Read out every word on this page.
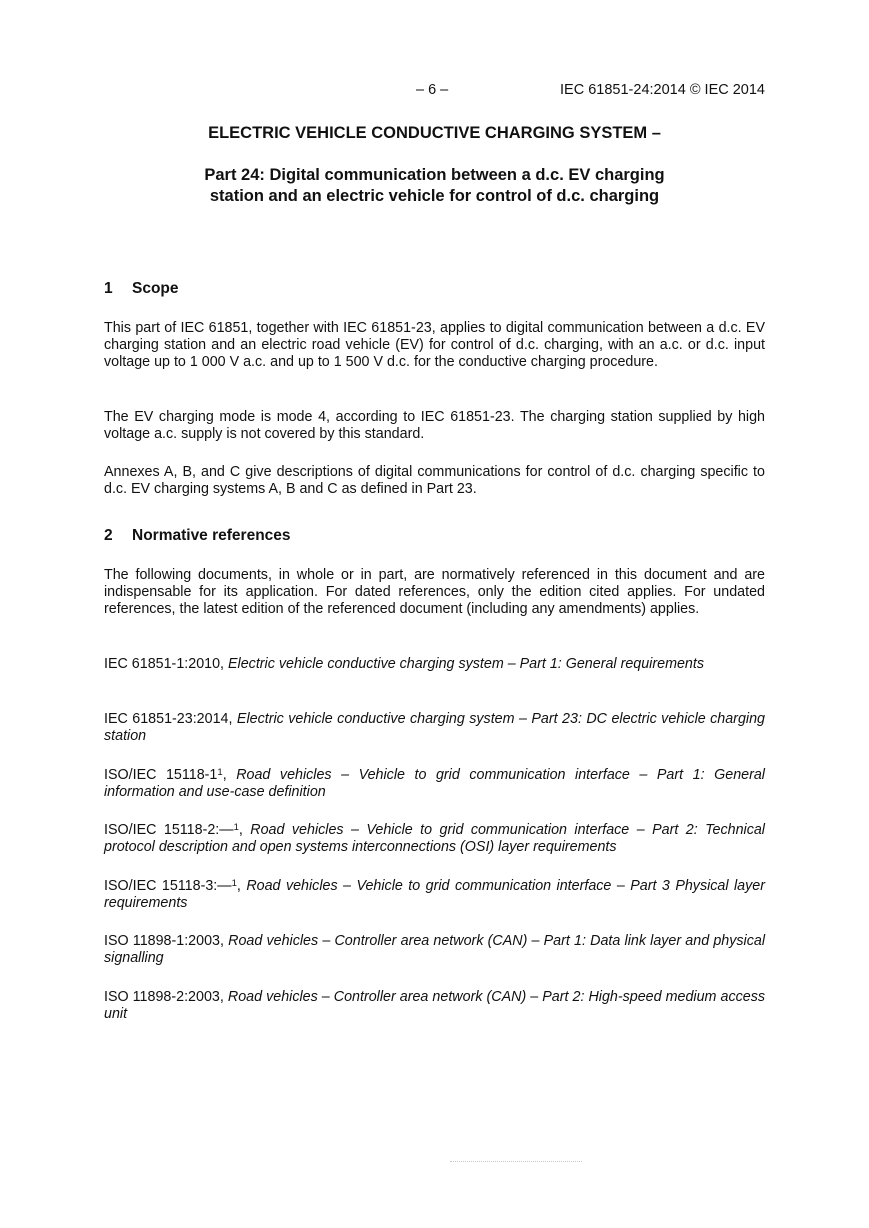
– 6 –	IEC 61851-24:2014 © IEC 2014
ELECTRIC VEHICLE CONDUCTIVE CHARGING SYSTEM –
Part 24: Digital communication between a d.c. EV charging
station and an electric vehicle for control of d.c. charging
1 Scope
This part of IEC 61851, together with IEC 61851-23, applies to digital communication between a d.c. EV charging station and an electric road vehicle (EV) for control of d.c. charging, with an a.c. or d.c. input voltage up to 1 000 V a.c. and up to 1 500 V d.c. for the conductive charging procedure.
The EV charging mode is mode 4, according to IEC 61851-23. The charging station supplied by high voltage a.c. supply is not covered by this standard.
Annexes A, B, and C give descriptions of digital communications for control of d.c. charging specific to d.c. EV charging systems A, B and C as defined in Part 23.
2 Normative references
The following documents, in whole or in part, are normatively referenced in this document and are indispensable for its application. For dated references, only the edition cited applies. For undated references, the latest edition of the referenced document (including any amendments) applies.
IEC 61851-1:2010, Electric vehicle conductive charging system – Part 1: General requirements
IEC 61851-23:2014, Electric vehicle conductive charging system – Part 23: DC electric vehicle charging station
ISO/IEC $15118-1^1$, Road vehicles – Vehicle to grid communication interface – Part 1: General information and use-case definition
ISO/IEC 15118-2:—$^1$, Road vehicles – Vehicle to grid communication interface – Part 2: Technical protocol description and open systems interconnections (OSI) layer requirements
ISO/IEC 15118-3:—$^1$, Road vehicles – Vehicle to grid communication interface – Part 3 Physical layer requirements
ISO 11898-1:2003, Road vehicles – Controller area network (CAN) – Part 1: Data link layer and physical signalling
ISO 11898-2:2003, Road vehicles – Controller area network (CAN) – Part 2: High-speed medium access unit
